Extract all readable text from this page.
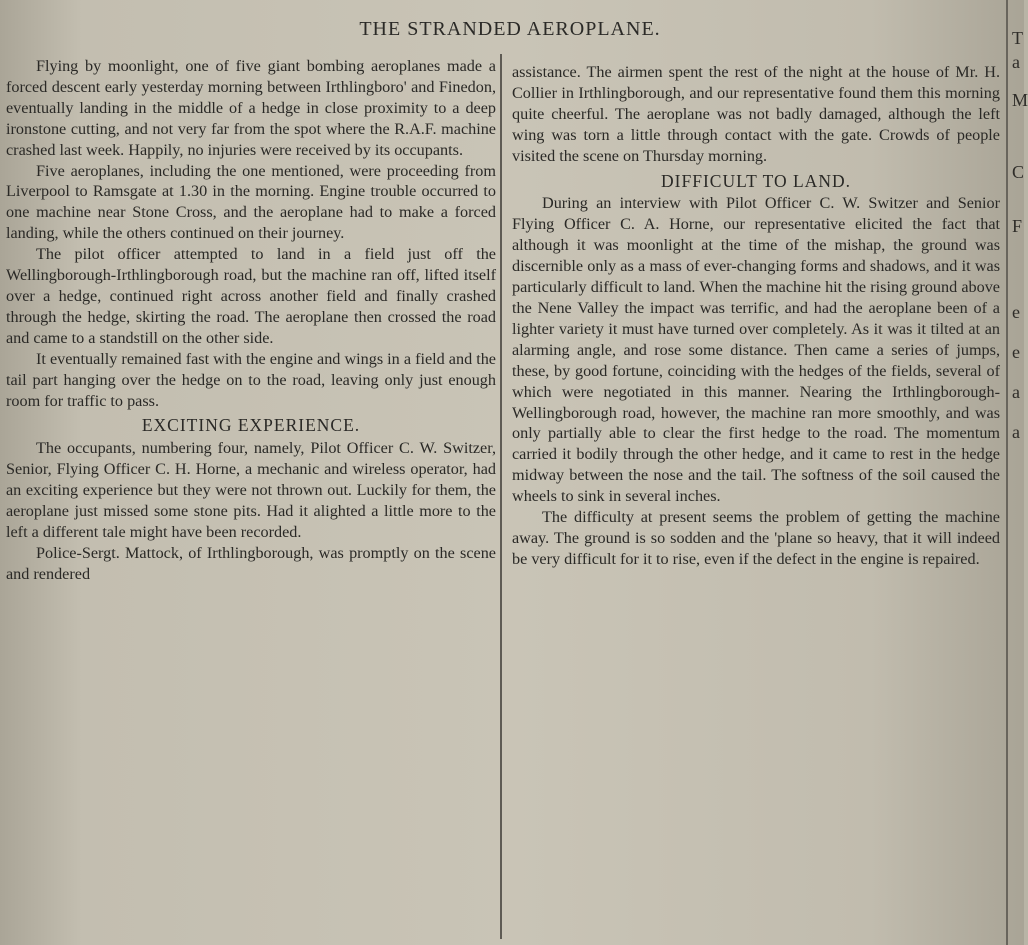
THE STRANDED AEROPLANE.

Flying by moonlight, one of five giant bombing aeroplanes made a forced descent early yesterday morning between Irthlingboro' and Finedon, eventually landing in the middle of a hedge in close proximity to a deep ironstone cutting, and not very far from the spot where the R.A.F. machine crashed last week. Happily, no injuries were received by its occupants.

Five aeroplanes, including the one mentioned, were proceeding from Liverpool to Ramsgate at 1.30 in the morning. Engine trouble occurred to one machine near Stone Cross, and the aeroplane had to make a forced landing, while the others continued on their journey.

The pilot officer attempted to land in a field just off the Wellingborough-Irthlingborough road, but the machine ran off, lifted itself over a hedge, continued right across another field and finally crashed through the hedge, skirting the road. The aeroplane then crossed the road and came to a standstill on the other side.

It eventually remained fast with the engine and wings in a field and the tail part hanging over the hedge on to the road, leaving only just enough room for traffic to pass.

EXCITING EXPERIENCE.

The occupants, numbering four, namely, Pilot Officer C. W. Switzer, Senior, Flying Officer C. H. Horne, a mechanic and wireless operator, had an exciting experience but they were not thrown out. Luckily for them, the aeroplane just missed some stone pits. Had it alighted a little more to the left a different tale might have been recorded.

Police-Sergt. Mattock, of Irthlingborough, was promptly on the scene and rendered

assistance. The airmen spent the rest of the night at the house of Mr. H. Collier in Irthlingborough, and our representative found them this morning quite cheerful. The aeroplane was not badly damaged, although the left wing was torn a little through contact with the gate. Crowds of people visited the scene on Thursday morning.

DIFFICULT TO LAND.

During an interview with Pilot Officer C. W. Switzer and Senior Flying Officer C. A. Horne, our representative elicited the fact that although it was moonlight at the time of the mishap, the ground was discernible only as a mass of ever-changing forms and shadows, and it was particularly difficult to land. When the machine hit the rising ground above the Nene Valley the impact was terrific, and had the aeroplane been of a lighter variety it must have turned over completely. As it was it tilted at an alarming angle, and rose some distance. Then came a series of jumps, these, by good fortune, coinciding with the hedges of the fields, several of which were negotiated in this manner. Nearing the Irthlingborough-Wellingborough road, however, the machine ran more smoothly, and was only partially able to clear the first hedge to the road. The momentum carried it bodily through the other hedge, and it came to rest in the hedge midway between the nose and the tail. The softness of the soil caused the wheels to sink in several inches.

The difficulty at present seems the problem of getting the machine away. The ground is so sodden and the 'plane so heavy, that it will indeed be very difficult for it to rise, even if the defect in the engine is repaired.

T
a
M
C
F
e
e
a
a
